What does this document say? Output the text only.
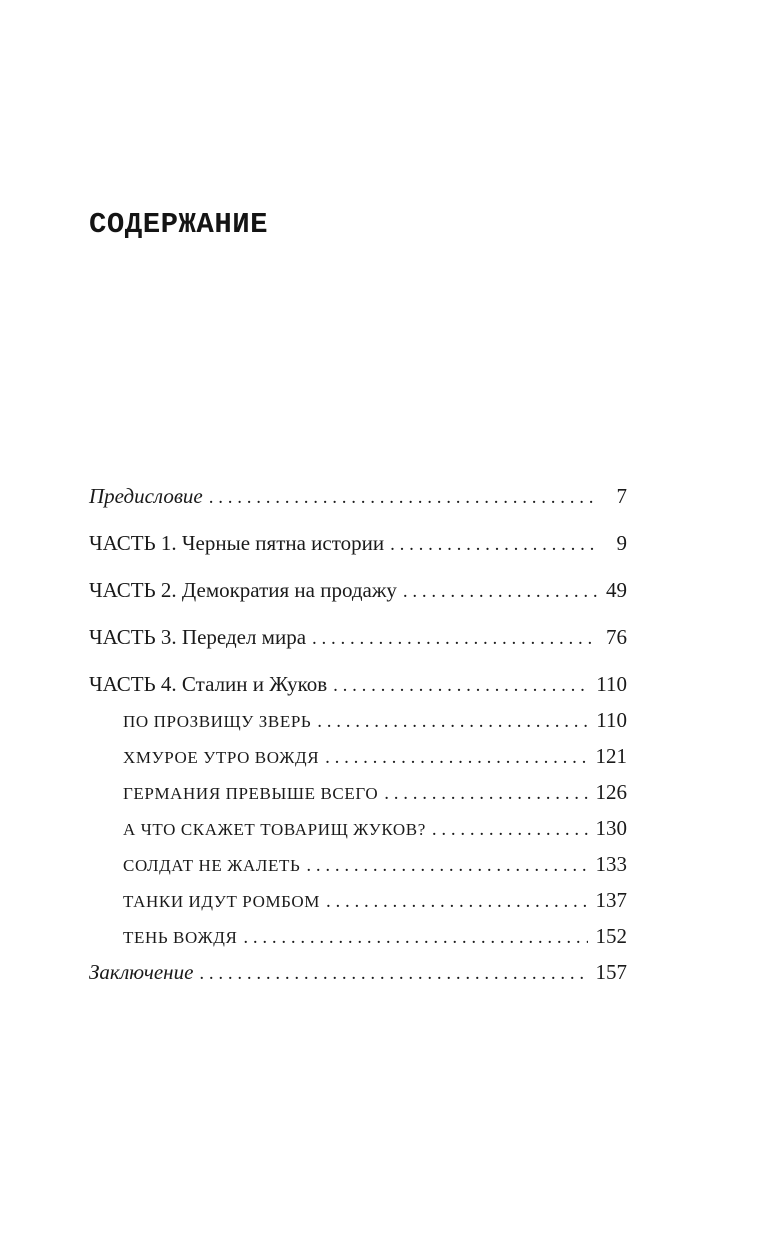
СОДЕРЖАНИЕ
Предисловие . . .	7
ЧАСТЬ 1. Черные пятна истории . . .	9
ЧАСТЬ 2. Демократия на продажу . . .	49
ЧАСТЬ 3. Передел мира . . .	76
ЧАСТЬ 4. Сталин и Жуков . . .	110
ПО ПРОЗВИЩУ ЗВЕРЬ . . .	110
ХМУРОЕ УТРО ВОЖДЯ . . .	121
ГЕРМАНИЯ ПРЕВЫШЕ ВСЕГО . . .	126
А ЧТО СКАЖЕТ ТОВАРИЩ ЖУКОВ? . . .	130
СОЛДАТ НЕ ЖАЛЕТЬ . . .	133
ТАНКИ ИДУТ РОМБОМ . . .	137
ТЕНЬ ВОЖДЯ . . .	152
Заключение . . .	157
